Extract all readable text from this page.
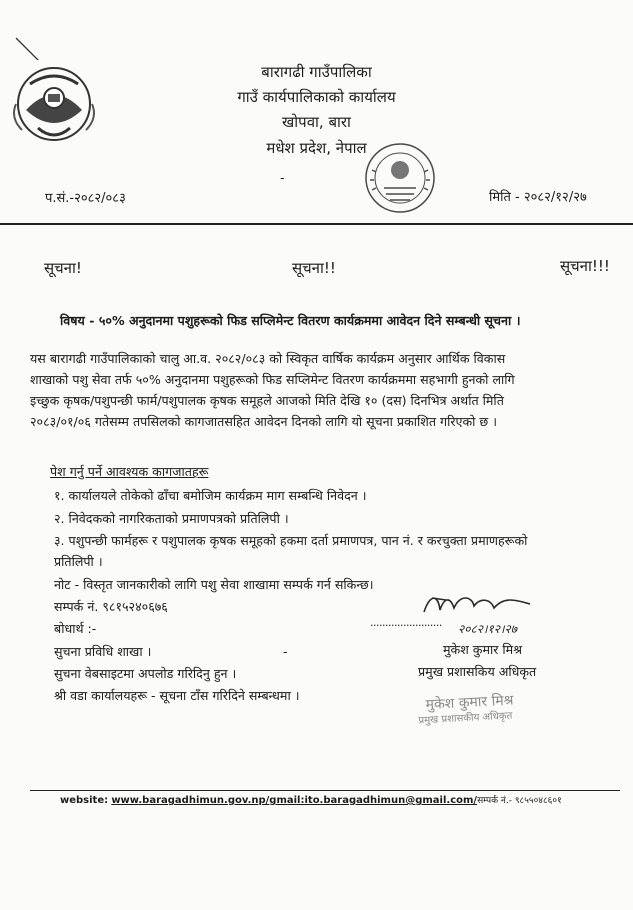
बारागढी गाउँपालिका
गाउँ कार्यपालिकाको कार्यालय
खोपवा, बारा
मधेश प्रदेश, नेपाल
-
प.सं.-२०८२/०८३	मिति - २०८२/१२/२७
सूचना!	सूचना!!	सूचना!!!
विषय - ५०% अनुदानमा पशुहरूको फिड सप्लिमेन्ट वितरण कार्यक्रममा आवेदन दिने सम्बन्धी सूचना ।
यस बारागढी गाउँपालिकाको चालु आ.व. २०८२/०८३ को स्विकृत वार्षिक कार्यक्रम अनुसार आर्थिक विकास
शाखाको पशु सेवा तर्फ ५०% अनुदानमा पशुहरूको फिड सप्लिमेन्ट वितरण कार्यक्रममा सहभागी हुनको लागि
इच्छुक कृषक/पशुपन्छी फार्म/पशुपालक कृषक समूहले आजको मिति देखि १० (दस) दिनभित्र अर्थात मिति
२०८३/०१/०६ गतेसम्म तपसिलको कागजातसहित आवेदन दिनको लागि यो सूचना प्रकाशित गरिएको छ ।
पेश गर्नु पर्ने आवश्यक कागजातहरू
१. कार्यालयले तोकेको ढाँचा बमोजिम कार्यक्रम माग सम्बन्धि निवेदन ।
२. निवेदकको नागरिकताको प्रमाणपत्रको प्रतिलिपी ।
३. पशुपन्छी फार्महरू र पशुपालक कृषक समूहको हकमा दर्ता प्रमाणपत्र, पान नं. र करचुक्ता प्रमाणहरूको
प्रतिलिपी ।
नोट - विस्तृत जानकारीको लागि पशु सेवा शाखामा सम्पर्क गर्न सकिन्छ।
सम्पर्क नं. ९८१५२४०६७६
बोधार्थ :-
सुचना प्रविधि शाखा ।	-
सुचना वेबसाइटमा अपलोड गरिदिनु हुन ।
श्री वडा कार्यालयहरू - सूचना टाँस गरिदिने सम्बन्धमा ।
........................ २०८२।१२।२७
मुकेश कुमार मिश्र
प्रमुख प्रशासकिय अधिकृत
मुकेश कुमार मिश्र
प्रमुख प्रशासकीय अधिकृत
website: www.baragadhimun.gov.np/gmail:ito.baragadhimun@gmail.com/सम्पर्क नं.- ९८५५०४८६०१
